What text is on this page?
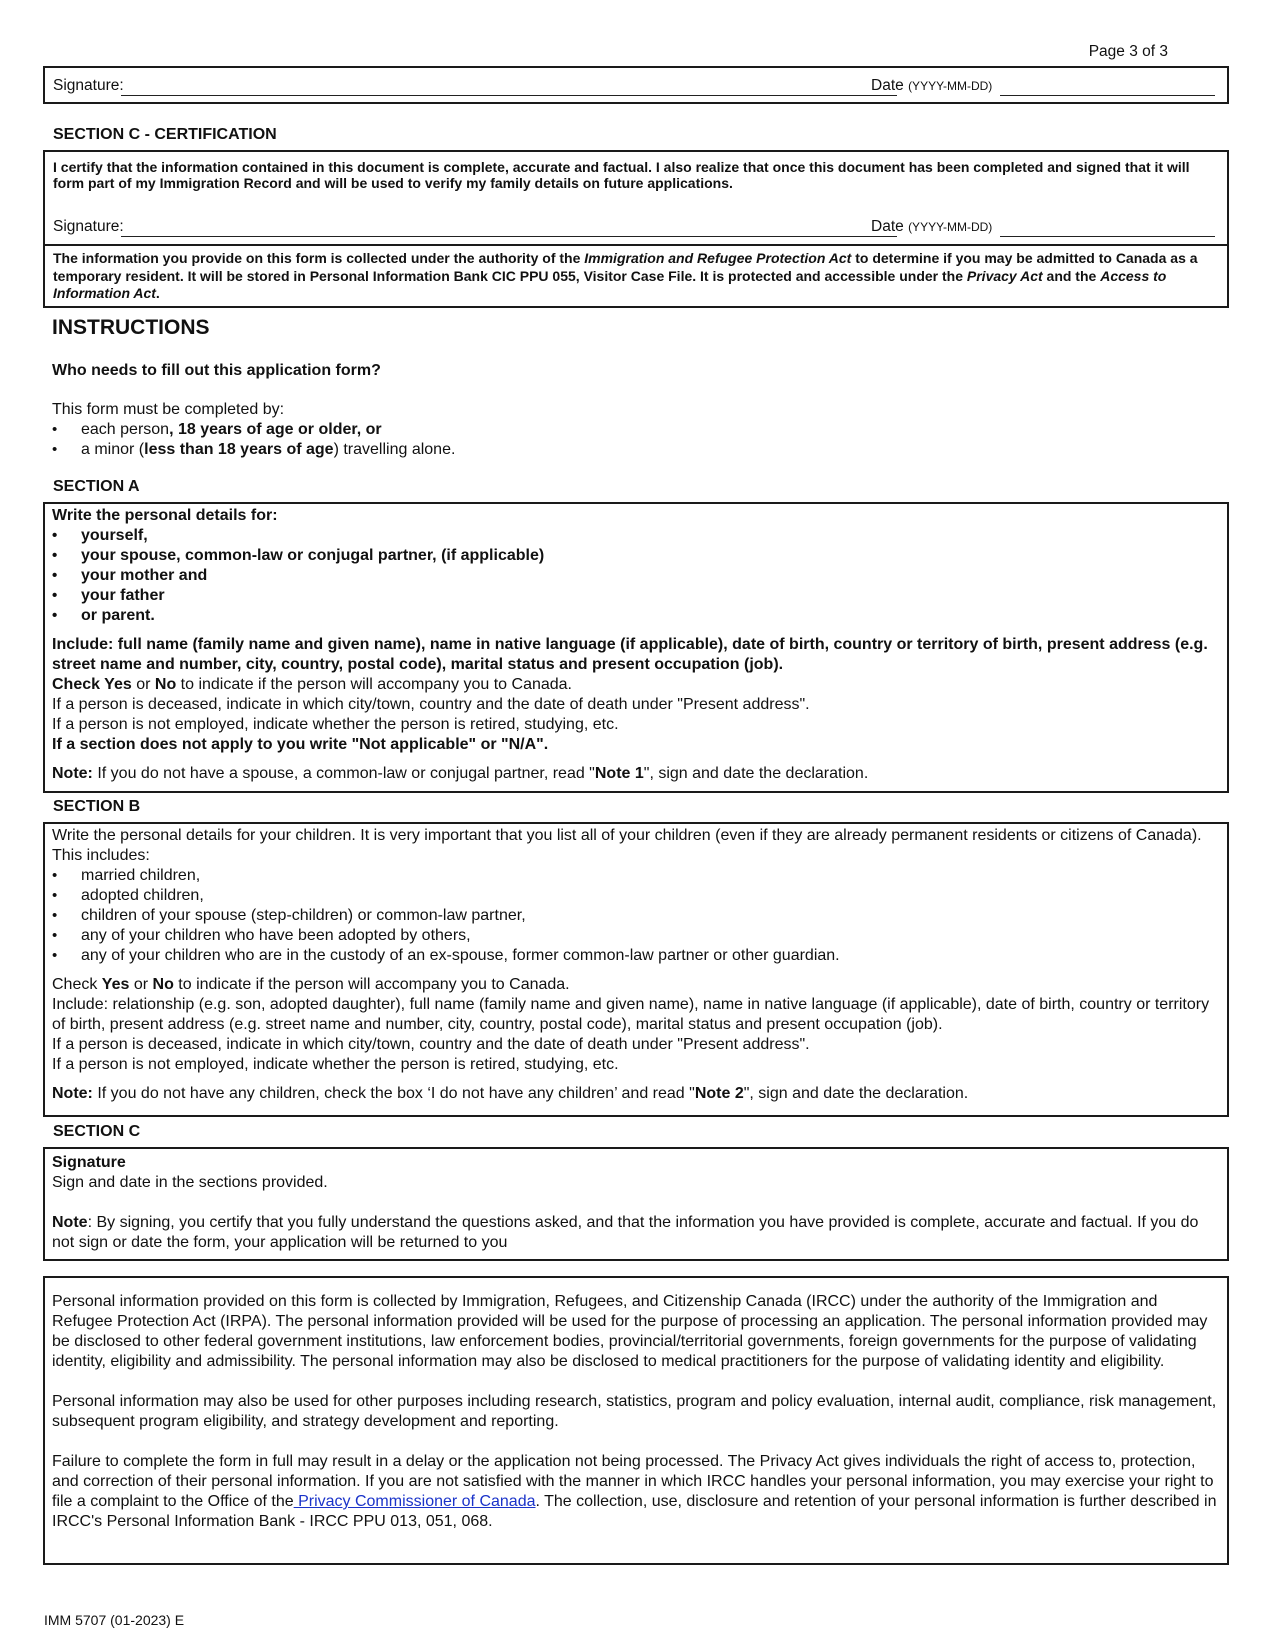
Page 3 of 3
Signature:	Date (YYYY-MM-DD)
SECTION C - CERTIFICATION

I certify that the information contained in this document is complete, accurate and factual. I also realize that once this document has been completed and signed that it will form part of my Immigration Record and will be used to verify my family details on future applications.

Signature:	Date (YYYY-MM-DD)

The information you provide on this form is collected under the authority of the Immigration and Refugee Protection Act to determine if you may be admitted to Canada as a temporary resident. It will be stored in Personal Information Bank CIC PPU 055, Visitor Case File. It is protected and accessible under the Privacy Act and the Access to Information Act.

INSTRUCTIONS
Who needs to fill out this application form?

This form must be completed by:

• each person, 18 years of age or older, or

• a minor (less than 18 years of age) travelling alone.

SECTION A

Write the personal details for:

• yourself,

• your spouse, common-law or conjugal partner, (if applicable)

• your mother and

• your father

• or parent.

Include: full name (family name and given name), name in native language (if applicable), date of birth, country or territory of birth, present address (e.g. street name and number, city, country, postal code), marital status and present occupation (job).

Check Yes or No to indicate if the person will accompany you to Canada.

If a person is deceased, indicate in which city/town, country and the date of death under "Present address".

If a person is not employed, indicate whether the person is retired, studying, etc.

If a section does not apply to you write "Not applicable" or "N/A".

Note: If you do not have a spouse, a common-law or conjugal partner, read "Note 1", sign and date the declaration.

SECTION B

Write the personal details for your children. It is very important that you list all of your children (even if they are already permanent residents or citizens of Canada). This includes:

• married children,

• adopted children,

• children of your spouse (step-children) or common-law partner,

• any of your children who have been adopted by others,

• any of your children who are in the custody of an ex-spouse, former common-law partner or other guardian.

Check Yes or No to indicate if the person will accompany you to Canada.

Include: relationship (e.g. son, adopted daughter), full name (family name and given name), name in native language (if applicable), date of birth, country or territory of birth, present address (e.g. street name and number, city, country, postal code), marital status and present occupation (job).

If a person is deceased, indicate in which city/town, country and the date of death under "Present address".

If a person is not employed, indicate whether the person is retired, studying, etc.

Note: If you do not have any children, check the box ‘I do not have any children’ and read "Note 2", sign and date the declaration.

SECTION C

Signature

Sign and date in the sections provided.

Note: By signing, you certify that you fully understand the questions asked, and that the information you have provided is complete, accurate and factual. If you do not sign or date the form, your application will be returned to you

Personal information provided on this form is collected by Immigration, Refugees, and Citizenship Canada (IRCC) under the authority of the Immigration and Refugee Protection Act (IRPA). The personal information provided will be used for the purpose of processing an application. The personal information provided may be disclosed to other federal government institutions, law enforcement bodies, provincial/territorial governments, foreign governments for the purpose of validating identity, eligibility and admissibility. The personal information may also be disclosed to medical practitioners for the purpose of validating identity and eligibility.

Personal information may also be used for other purposes including research, statistics, program and policy evaluation, internal audit, compliance, risk management, subsequent program eligibility, and strategy development and reporting.

Failure to complete the form in full may result in a delay or the application not being processed. The Privacy Act gives individuals the right of access to, protection, and correction of their personal information. If you are not satisfied with the manner in which IRCC handles your personal information, you may exercise your right to file a complaint to the Office of the Privacy Commissioner of Canada. The collection, use, disclosure and retention of your personal information is further described in IRCC's Personal Information Bank - IRCC PPU 013, 051, 068.

IMM 5707 (01-2023) E
